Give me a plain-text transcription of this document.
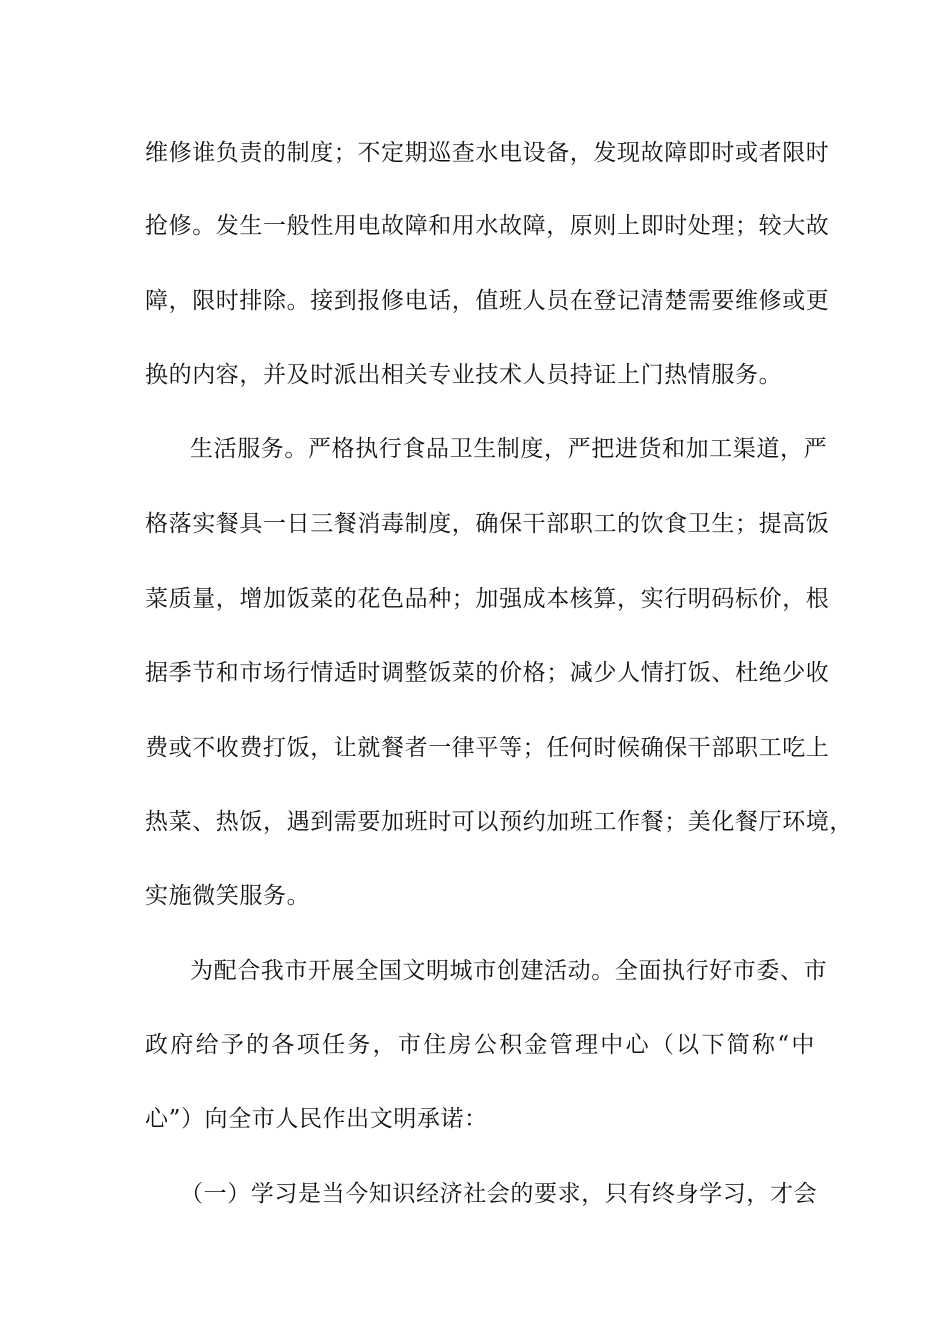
维修谁负责的制度；不定期巡查水电设备，发现故障即时或者限时
抢修。发生一般性用电故障和用水故障，原则上即时处理；较大故
障，限时排除。接到报修电话，值班人员在登记清楚需要维修或更
换的内容，并及时派出相关专业技术人员持证上门热情服务。
生活服务。严格执行食品卫生制度，严把进货和加工渠道，严
格落实餐具一日三餐消毒制度，确保干部职工的饮食卫生；提高饭
菜质量，增加饭菜的花色品种；加强成本核算，实行明码标价，根
据季节和市场行情适时调整饭菜的价格；减少人情打饭、杜绝少收
费或不收费打饭，让就餐者一律平等；任何时候确保干部职工吃上
热菜、热饭，遇到需要加班时可以预约加班工作餐；美化餐厅环境，
实施微笑服务。
为配合我市开展全国文明城市创建活动。全面执行好市委、市
政府给予的各项任务，市住房公积金管理中心（以下简称“中
心”）向全市人民作出文明承诺：
（一）学习是当今知识经济社会的要求，只有终身学习，才会
